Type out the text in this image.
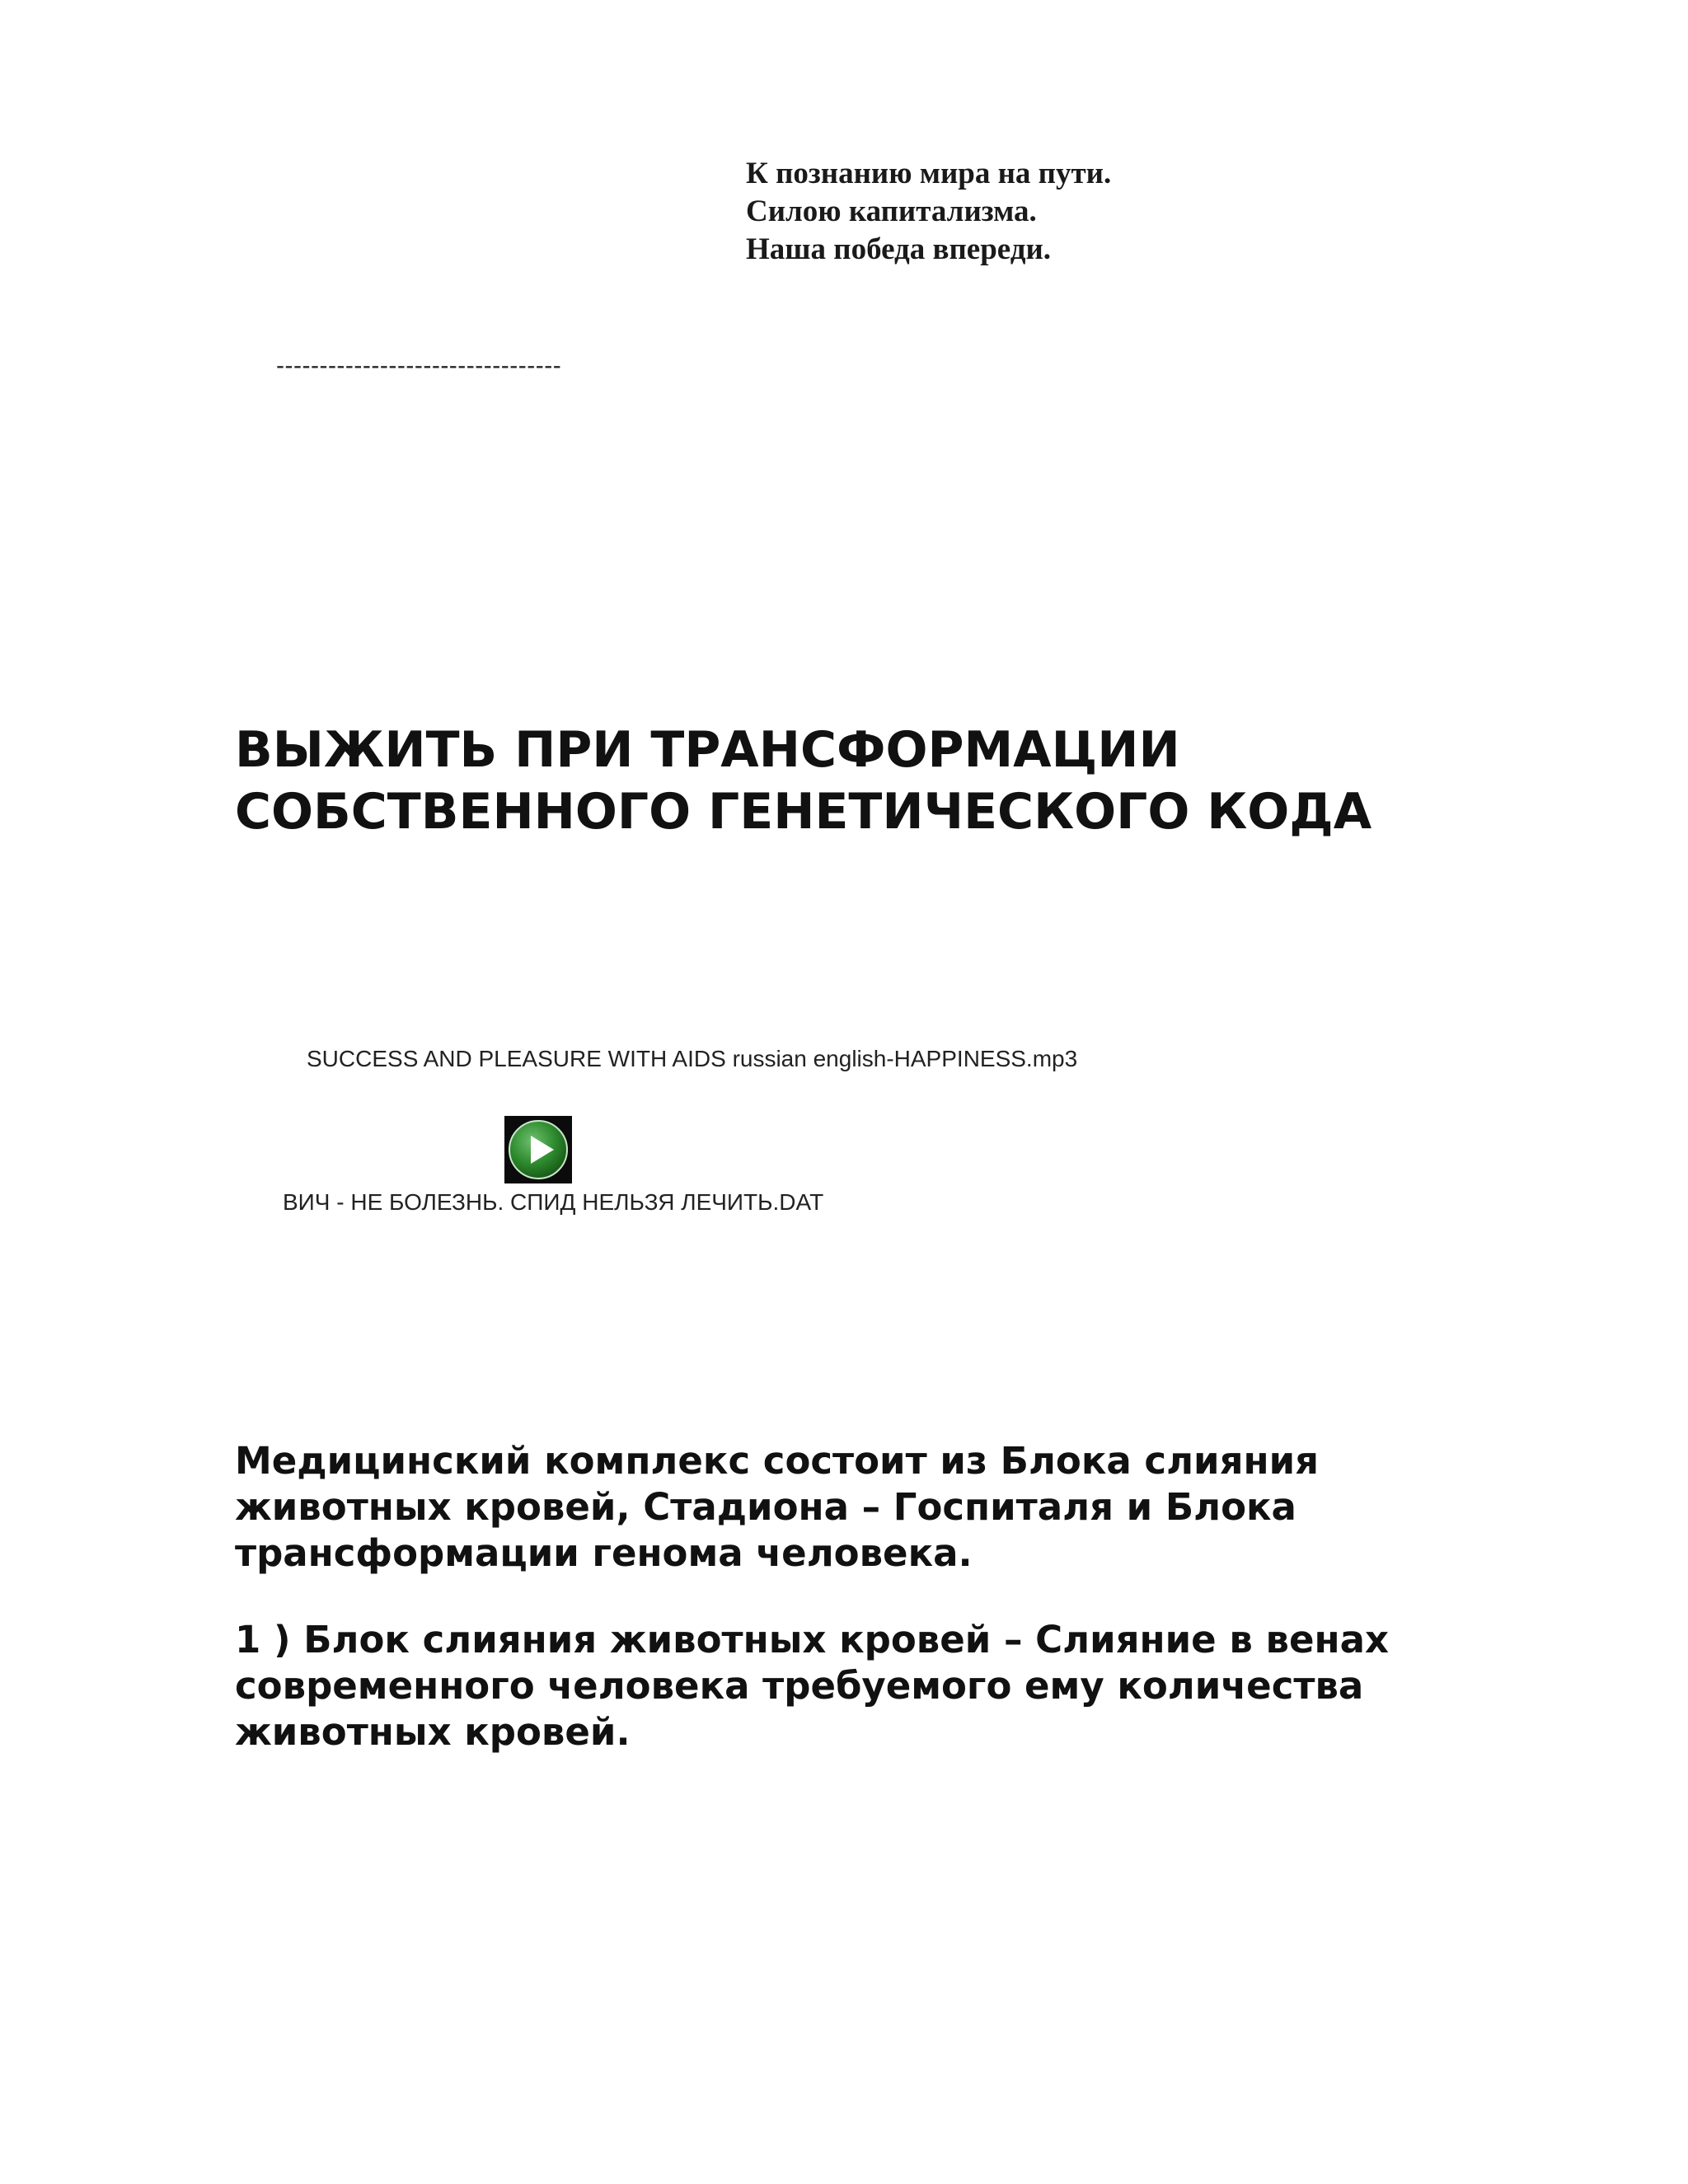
К познанию мира на пути.
Силою капитализма.
Наша победа впереди.
---------------------------------
ВЫЖИТЬ ПРИ ТРАНСФОРМАЦИИ
СОБСТВЕННОГО ГЕНЕТИЧЕСКОГО КОДА
SUCCESS AND PLEASURE WITH AIDS russian english-HAPPINESS.mp3
ВИЧ - НЕ БОЛЕЗНЬ. СПИД НЕЛЬЗЯ ЛЕЧИТЬ.DAT
Медицинский комплекс состоит из Блока слияния
животных кровей, Стадиона – Госпиталя и Блока
трансформации генома человека.
1 ) Блок слияния животных кровей – Слияние в венах
современного человека требуемого ему количества
животных кровей.
